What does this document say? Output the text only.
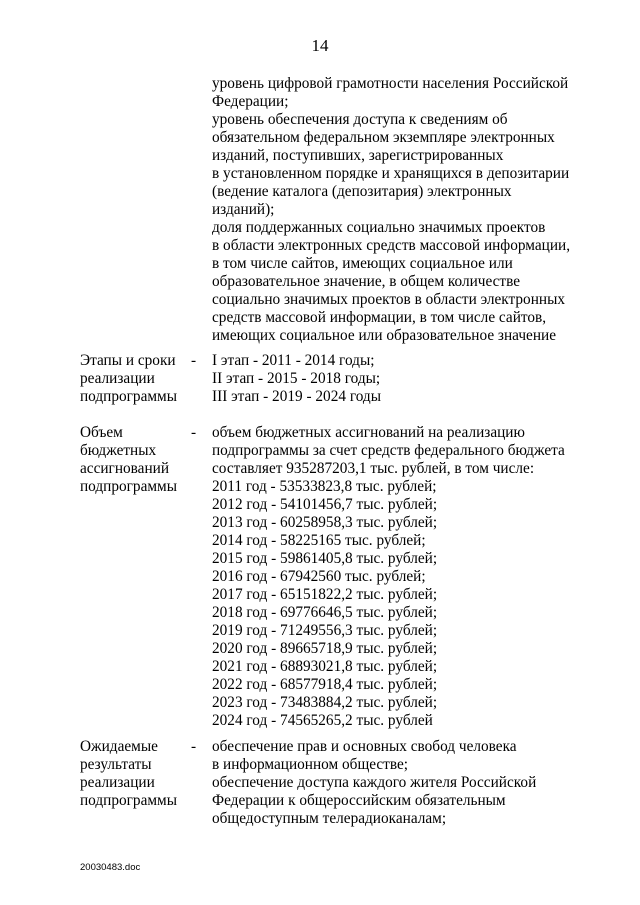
14
уровень цифровой грамотности населения Российской
Федерации;
уровень обеспечения доступа к сведениям об
обязательном федеральном экземпляре электронных
изданий, поступивших, зарегистрированных
в установленном порядке и хранящихся в депозитарии
(ведение каталога (депозитария) электронных
изданий);
доля поддержанных социально значимых проектов
в области электронных средств массовой информации,
в том числе сайтов, имеющих социальное или
образовательное значение, в общем количестве
социально значимых проектов в области электронных
средств массовой информации, в том числе сайтов,
имеющих социальное или образовательное значение
Этапы и сроки
реализации
подпрограммы
- I этап - 2011 - 2014 годы;
II этап - 2015 - 2018 годы;
III этап - 2019 - 2024 годы
Объем
бюджетных
ассигнований
подпрограммы
- объем бюджетных ассигнований на реализацию
подпрограммы за счет средств федерального бюджета
составляет 935287203,1 тыс. рублей, в том числе:
2011 год - 53533823,8 тыс. рублей;
2012 год - 54101456,7 тыс. рублей;
2013 год - 60258958,3 тыс. рублей;
2014 год - 58225165 тыс. рублей;
2015 год - 59861405,8 тыс. рублей;
2016 год - 67942560 тыс. рублей;
2017 год - 65151822,2 тыс. рублей;
2018 год - 69776646,5 тыс. рублей;
2019 год - 71249556,3 тыс. рублей;
2020 год - 89665718,9 тыс. рублей;
2021 год - 68893021,8 тыс. рублей;
2022 год - 68577918,4 тыс. рублей;
2023 год - 73483884,2 тыс. рублей;
2024 год - 74565265,2 тыс. рублей
Ожидаемые
результаты
реализации
подпрограммы
- обеспечение прав и основных свобод человека
в информационном обществе;
обеспечение доступа каждого жителя Российской
Федерации к общероссийским обязательным
общедоступным телерадиоканалам;
20030483.doc
